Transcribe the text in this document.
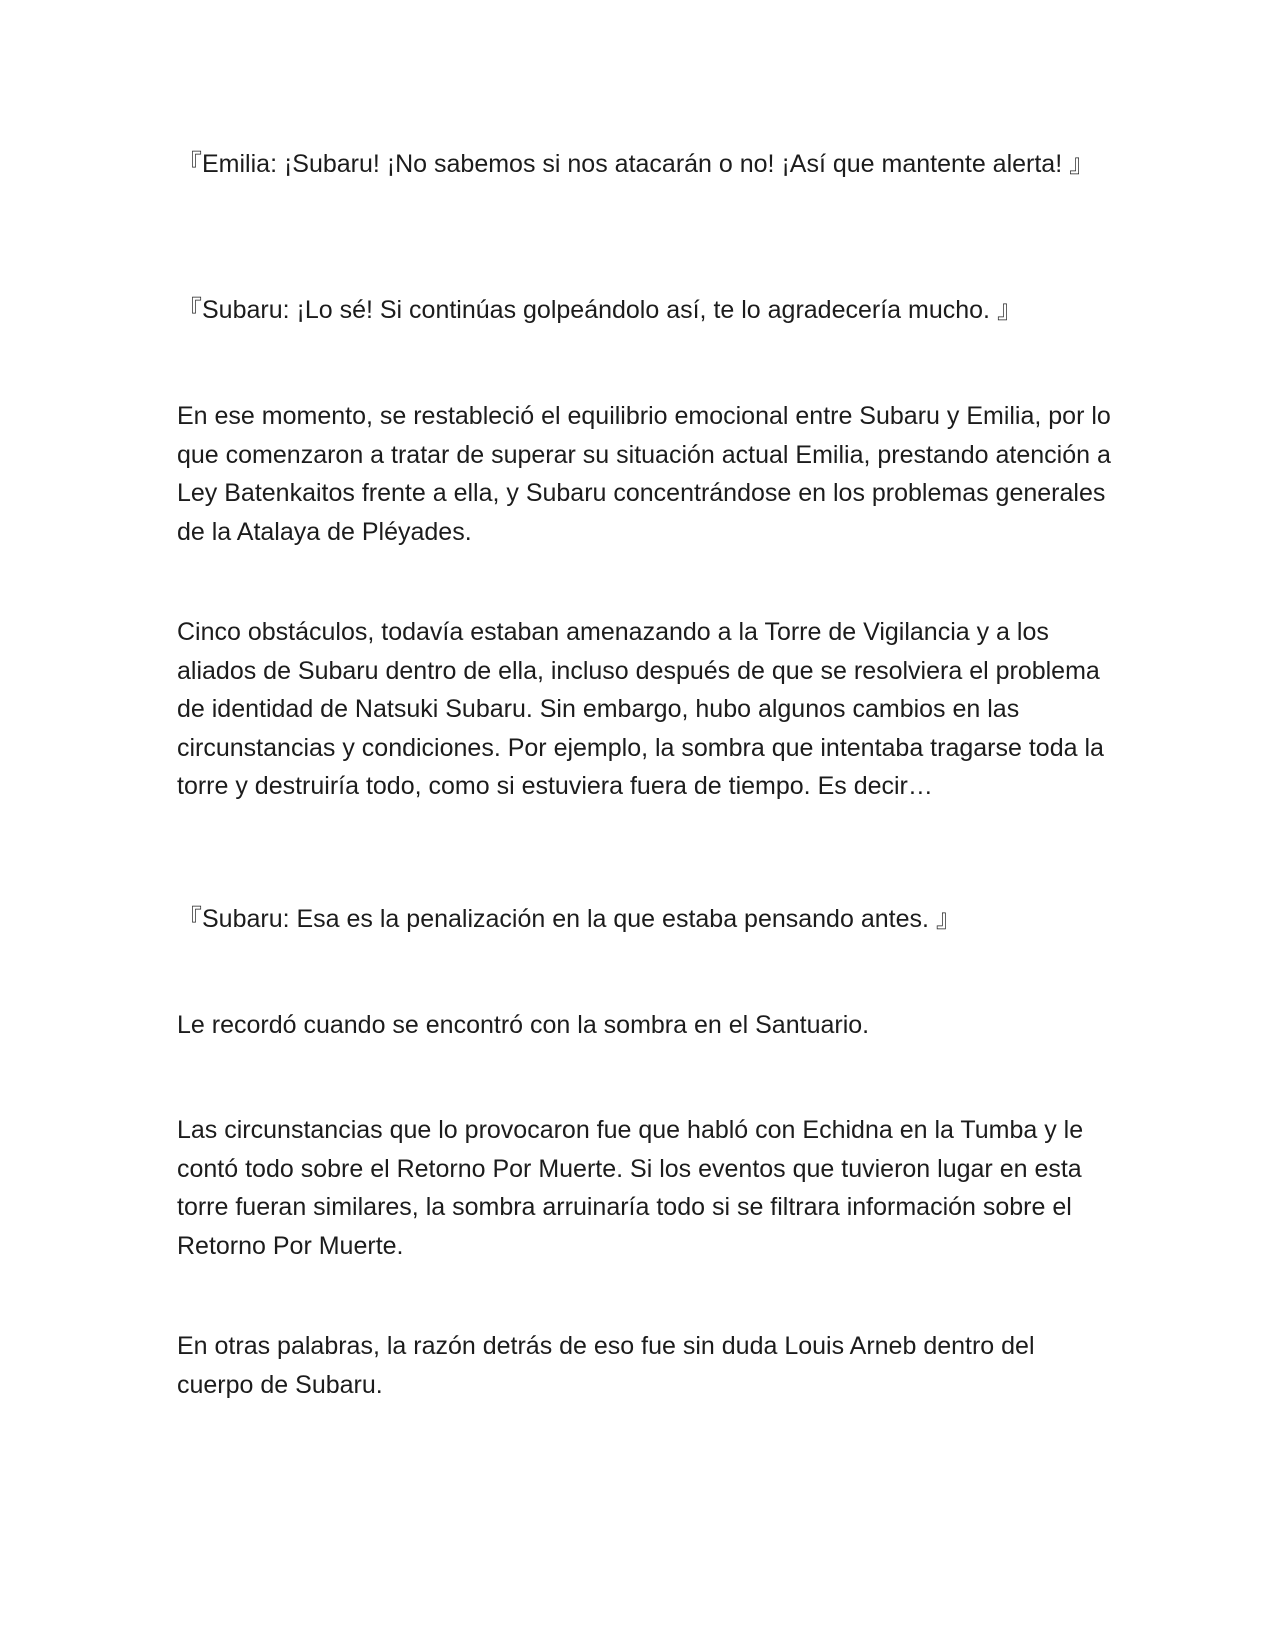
『Emilia: ¡Subaru! ¡No sabemos si nos atacarán o no! ¡Así que mantente alerta! 』

『Subaru: ¡Lo sé! Si continúas golpeándolo así, te lo agradecería mucho. 』

En ese momento, se restableció el equilibrio emocional entre Subaru y Emilia, por lo que comenzaron a tratar de superar su situación actual Emilia, prestando atención a Ley Batenkaitos frente a ella, y Subaru concentrándose en los problemas generales de la Atalaya de Pléyades.

Cinco obstáculos, todavía estaban amenazando a la Torre de Vigilancia y a los aliados de Subaru dentro de ella, incluso después de que se resolviera el problema de identidad de Natsuki Subaru. Sin embargo, hubo algunos cambios en las circunstancias y condiciones. Por ejemplo, la sombra que intentaba tragarse toda la torre y destruiría todo, como si estuviera fuera de tiempo. Es decir…

『Subaru: Esa es la penalización en la que estaba pensando antes. 』

Le recordó cuando se encontró con la sombra en el Santuario.

Las circunstancias que lo provocaron fue que habló con Echidna en la Tumba y le contó todo sobre el Retorno Por Muerte. Si los eventos que tuvieron lugar en esta torre fueran similares, la sombra arruinaría todo si se filtrara información sobre el Retorno Por Muerte.

En otras palabras, la razón detrás de eso fue sin duda Louis Arneb dentro del cuerpo de Subaru.
